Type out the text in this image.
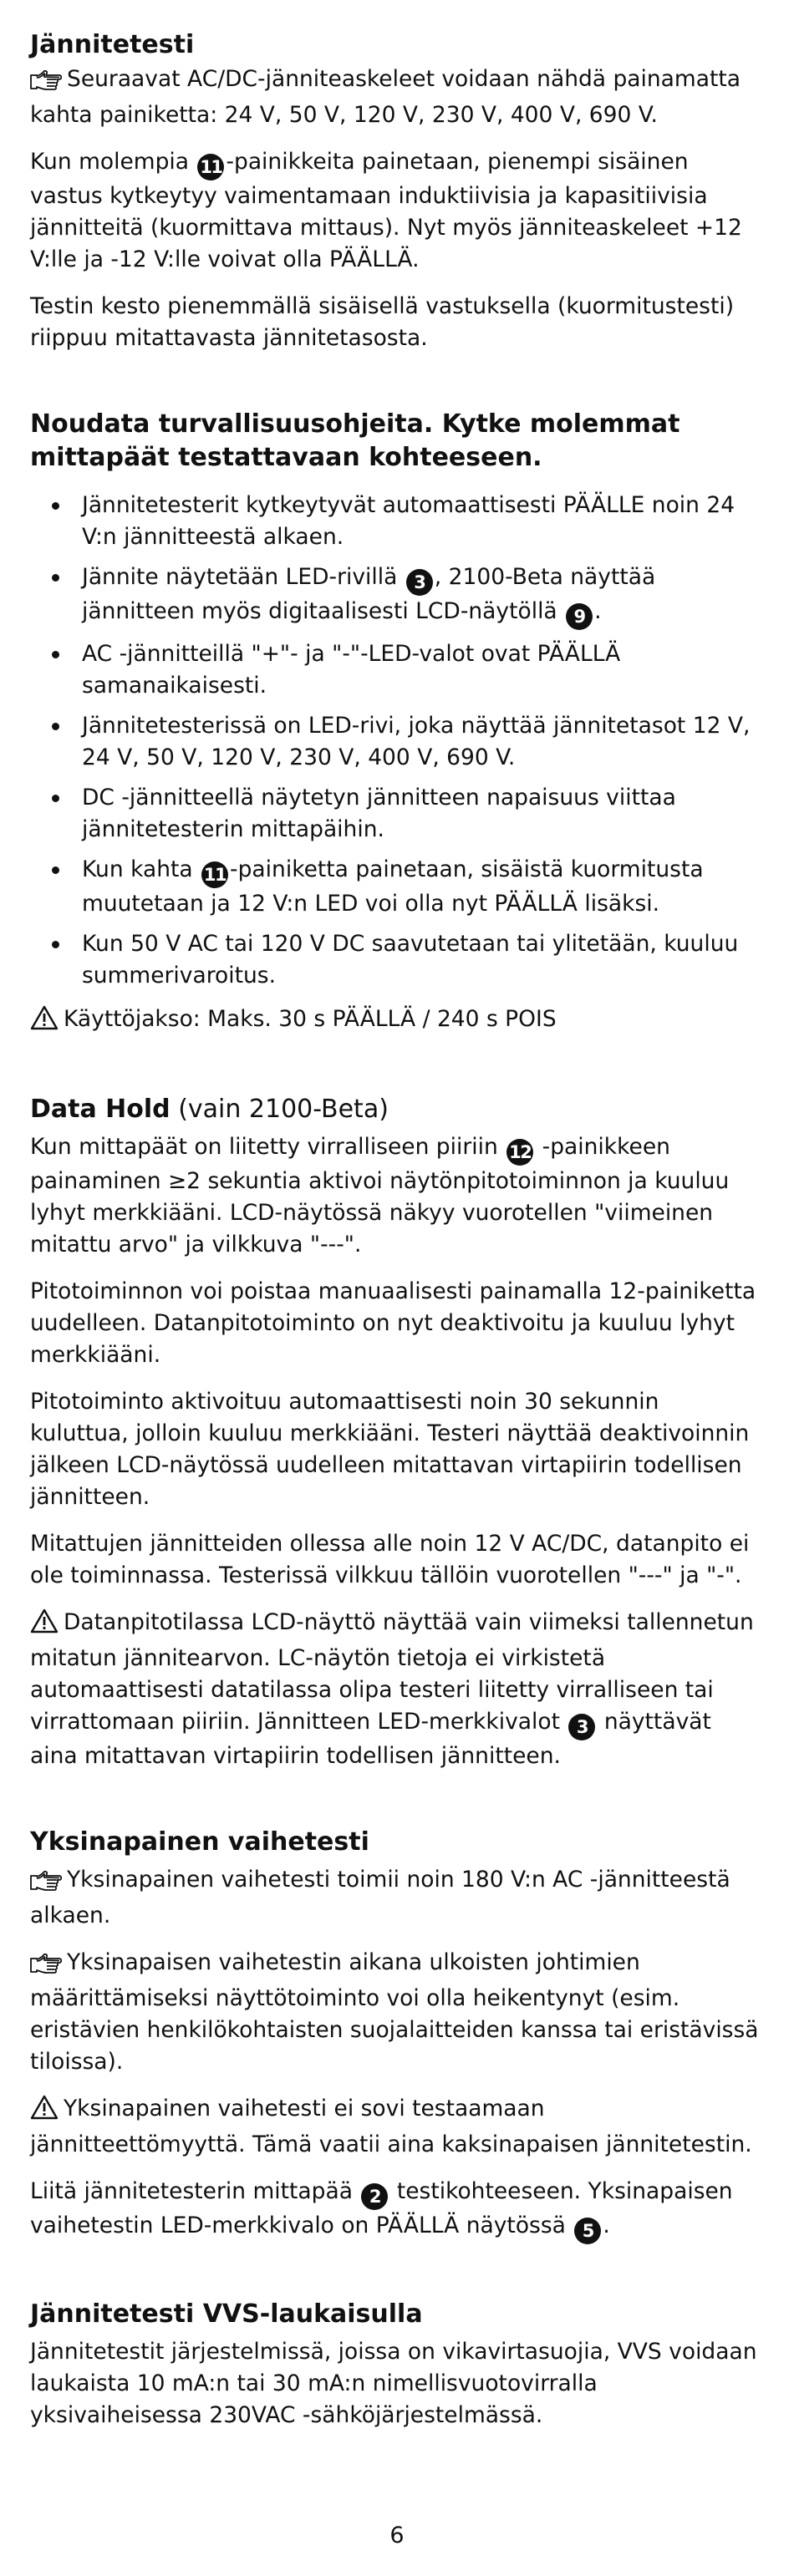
Jännitetesti

Seuraavat AC/DC-jänniteaskeleet voidaan nähdä painamatta kahta painiketta: 24 V, 50 V, 120 V, 230 V, 400 V, 690 V.

Kun molempia 11 -painikkeita painetaan, pienempi sisäinen vastus kytkeytyy vaimentamaan induktiivisia ja kapasitiivisia jännitteitä (kuormittava mittaus). Nyt myös jänniteaskeleet +12 V:lle ja -12 V:lle voivat olla PÄÄLLÄ.

Testin kesto pienemmällä sisäisellä vastuksella (kuormitustesti) riippuu mitattavasta jännitetasosta.

Noudata turvallisuusohjeita. Kytke molemmat mittapäät testattavaan kohteeseen.
Jännitetesterit kytkeytyvät automaattisesti PÄÄLLE noin 24 V:n jännitteestä alkaen.
Jännite näytetään LED-rivillä 3 , 2100-Beta näyttää jännitteen myös digitaalisesti LCD-näytöllä 9 .
AC -jännitteillä "+"- ja "-"-LED-valot ovat PÄÄLLÄ samanaikaisesti.
Jännitetesterissä on LED-rivi, joka näyttää jännitetasot 12 V, 24 V, 50 V, 120 V, 230 V, 400 V, 690 V.
DC -jännitteellä näytetyn jännitteen napaisuus viittaa jännitetesterin mittapäihin.
Kun kahta 11 -painiketta painetaan, sisäistä kuormitusta muutetaan ja 12 V:n LED voi olla nyt PÄÄLLÄ lisäksi.
Kun 50 V AC tai 120 V DC saavutetaan tai ylitetään, kuuluu summerivaroitus.

Käyttöjakso: Maks. 30 s PÄÄLLÄ / 240 s POIS

Data Hold (vain 2100-Beta)

Kun mittapäät on liitetty virralliseen piiriin 12 -painikkeen painaminen ≥2 sekuntia aktivoi näytönpitotoiminnon ja kuuluu lyhyt merkkiääni. LCD-näytössä näkyy vuorotellen "viimeinen mitattu arvo" ja vilkkuva "---".

Pitotoiminnon voi poistaa manuaalisesti painamalla 12-painiketta uudelleen. Datanpitotoiminto on nyt deaktivoitu ja kuuluu lyhyt merkkiääni.

Pitotoiminto aktivoituu automaattisesti noin 30 sekunnin kuluttua, jolloin kuuluu merkkiääni. Testeri näyttää deaktivoinnin jälkeen LCD-näytössä uudelleen mitattavan virtapiirin todellisen jännitteen.

Mitattujen jännitteiden ollessa alle noin 12 V AC/DC, datanpito ei ole toiminnassa. Testerissä vilkkuu tällöin vuorotellen "---" ja "-".

Datanpitotilassa LCD-näyttö näyttää vain viimeksi tallennetun mitatun jännitearvon. LC-näytön tietoja ei virkistetä automaattisesti datatilassa olipa testeri liitetty virralliseen tai virrattomaan piiriin. Jännitteen LED-merkkivalot 3 näyttävät aina mitattavan virtapiirin todellisen jännitteen.

Yksinapainen vaihetesti

Yksinapainen vaihetesti toimii noin 180 V:n AC -jännitteestä alkaen.

Yksinapaisen vaihetestin aikana ulkoisten johtimien määrittämiseksi näyttötoiminto voi olla heikentynyt (esim. eristävien henkilökohtaisten suojalaitteiden kanssa tai eristävissä tiloissa).

Yksinapainen vaihetesti ei sovi testaamaan jännitteettömyyttä. Tämä vaatii aina kaksinapaisen jännitetestin.

Liitä jännitetesterin mittapää 2 testikohteeseen. Yksinapaisen vaihetestin LED-merkkivalo on PÄÄLLÄ näytössä 5 .

Jännitetesti VVS-laukaisulla

Jännitetestit järjestelmissä, joissa on vikavirtasuojia, VVS voidaan laukaista 10 mA:n tai 30 mA:n nimellisvuotovirralla yksivaiheisessa 230VAC -sähköjärjestelmässä.

6
